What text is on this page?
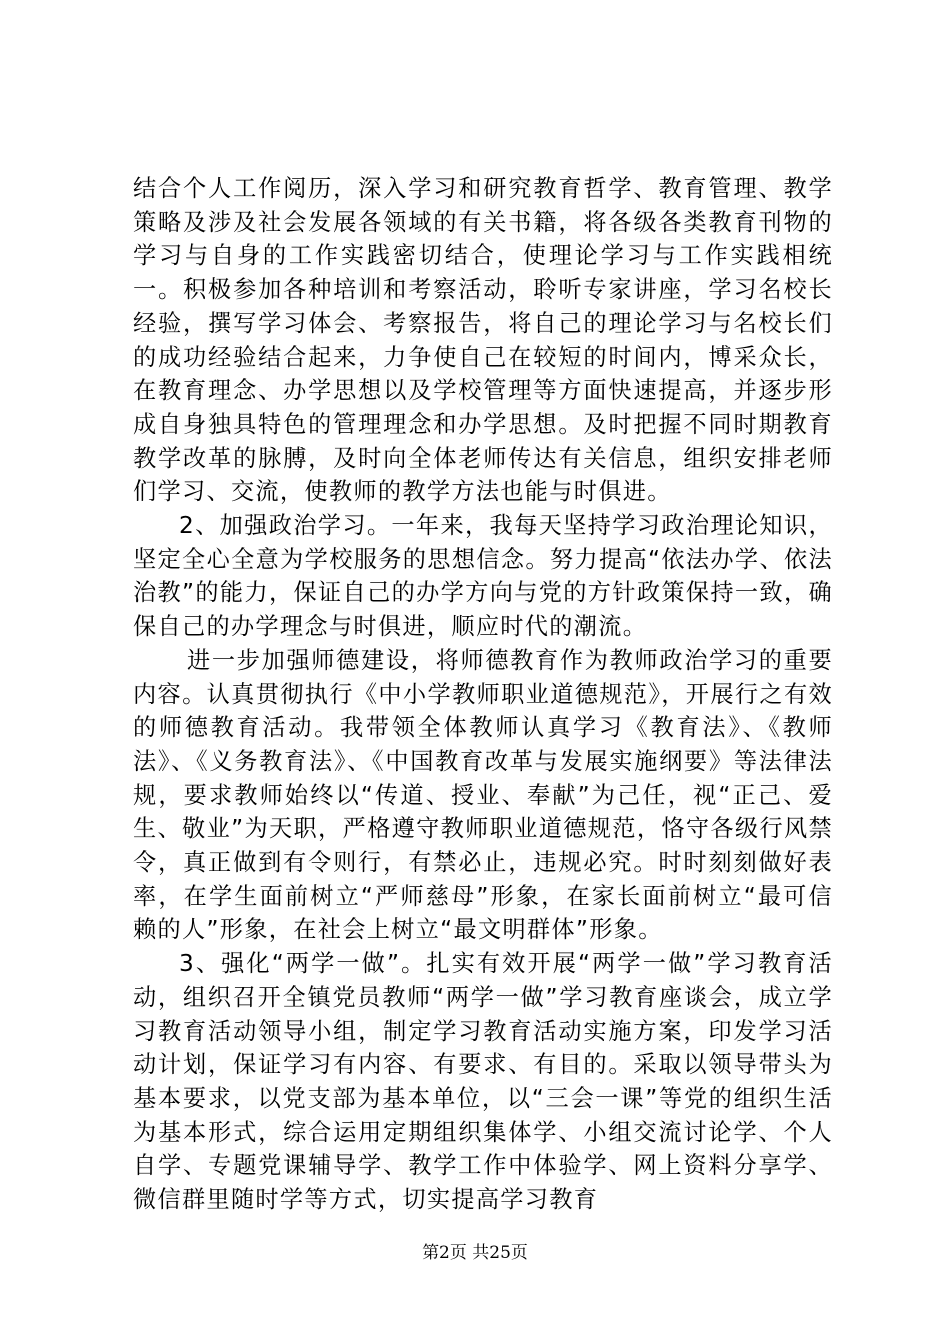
结合个人工作阅历，深入学习和研究教育哲学、教育管理、教学策略及涉及社会发展各领域的有关书籍，将各级各类教育刊物的学习与自身的工作实践密切结合，使理论学习与工作实践相统一。积极参加各种培训和考察活动，聆听专家讲座，学习名校长经验，撰写学习体会、考察报告，将自己的理论学习与名校长们的成功经验结合起来，力争使自己在较短的时间内，博采众长，在教育理念、办学思想以及学校管理等方面快速提高，并逐步形成自身独具特色的管理理念和办学思想。及时把握不同时期教育教学改革的脉膊，及时向全体老师传达有关信息，组织安排老师们学习、交流，使教师的教学方法也能与时俱进。

2、加强政治学习。一年来，我每天坚持学习政治理论知识，坚定全心全意为学校服务的思想信念。努力提高“依法办学、依法治教”的能力，保证自己的办学方向与党的方针政策保持一致，确保自己的办学理念与时俱进，顺应时代的潮流。

进一步加强师德建设，将师德教育作为教师政治学习的重要内容。认真贯彻执行《中小学教师职业道德规范》，开展行之有效的师德教育活动。我带领全体教师认真学习《教育法》、《教师法》、《义务教育法》、《中国教育改革与发展实施纲要》等法律法规，要求教师始终以“传道、授业、奉献”为己任，视“正己、爱生、敬业”为天职，严格遵守教师职业道德规范，恪守各级行风禁令，真正做到有令则行，有禁必止，违规必究。时时刻刻做好表率，在学生面前树立“严师慈母”形象，在家长面前树立“最可信赖的人”形象，在社会上树立“最文明群体”形象。

3、强化“两学一做”。扎实有效开展“两学一做”学习教育活动，组织召开全镇党员教师“两学一做”学习教育座谈会，成立学习教育活动领导小组，制定学习教育活动实施方案，印发学习活动计划，保证学习有内容、有要求、有目的。采取以领导带头为基本要求，以党支部为基本单位，以“三会一课”等党的组织生活为基本形式，综合运用定期组织集体学、小组交流讨论学、个人自学、专题党课辅导学、教学工作中体验学、网上资料分享学、微信群里随时学等方式，切实提高学习教育

第2页 共25页
